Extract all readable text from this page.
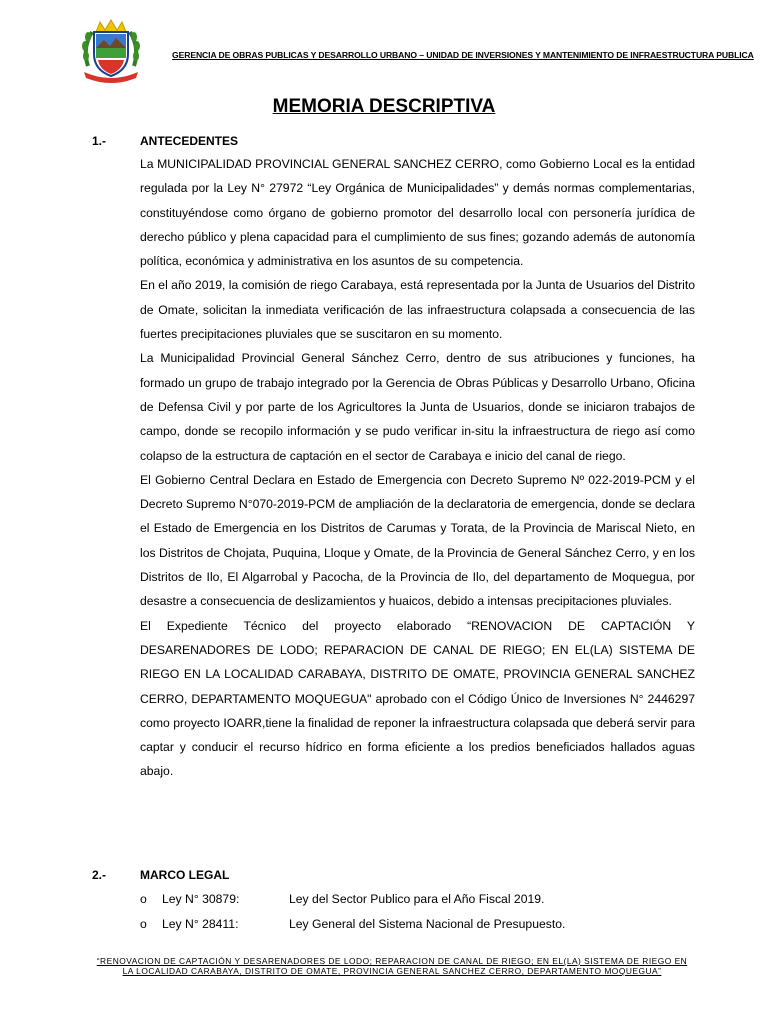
GERENCIA DE OBRAS PUBLICAS Y DESARROLLO URBANO – UNIDAD DE INVERSIONES Y MANTENIMIENTO DE INFRAESTRUCTURA PUBLICA
MEMORIA DESCRIPTIVA
1.-	ANTECEDENTES

La MUNICIPALIDAD PROVINCIAL GENERAL SANCHEZ CERRO, como Gobierno Local es la entidad regulada por la Ley N° 27972 “Ley Orgánica de Municipalidades” y demás normas complementarias, constituyéndose como órgano de gobierno promotor del desarrollo local con personería jurídica de derecho público y plena capacidad para el cumplimiento de sus fines; gozando además de autonomía política, económica y administrativa en los asuntos de su competencia.

En el año 2019, la comisión de riego Carabaya, está representada por la Junta de Usuarios del Distrito de Omate, solicitan la inmediata verificación de las infraestructura colapsada a consecuencia de las fuertes precipitaciones pluviales que se suscitaron en su momento.

La Municipalidad Provincial General Sánchez Cerro, dentro de sus atribuciones y funciones, ha formado un grupo de trabajo integrado por la Gerencia de Obras Públicas y Desarrollo Urbano, Oficina de Defensa Civil y por parte de los Agricultores la Junta de Usuarios, donde se iniciaron trabajos de campo, donde se recopilo información y se pudo verificar in-situ la infraestructura de riego así como colapso de la estructura de captación en el sector de Carabaya e inicio del canal de riego.

El Gobierno Central Declara en Estado de Emergencia con Decreto Supremo Nº 022-2019-PCM y el Decreto Supremo N°070-2019-PCM de ampliación de la declaratoria de emergencia, donde se declara el Estado de Emergencia en los Distritos de Carumas y Torata, de la Provincia de Mariscal Nieto, en los Distritos de Chojata, Puquina, Lloque y Omate, de la Provincia de General Sánchez Cerro, y en los Distritos de Ilo, El Algarrobal y Pacocha, de la Provincia de Ilo, del departamento de Moquegua, por desastre a consecuencia de deslizamientos y huaicos, debido a intensas precipitaciones pluviales.

El Expediente Técnico del proyecto elaborado “RENOVACION DE CAPTACIÓN Y DESARENADORES DE LODO; REPARACION DE CANAL DE RIEGO; EN EL(LA) SISTEMA DE RIEGO EN LA LOCALIDAD CARABAYA, DISTRITO DE OMATE, PROVINCIA GENERAL SANCHEZ CERRO, DEPARTAMENTO MOQUEGUA" aprobado con el Código Único de Inversiones N° 2446297 como proyecto IOARR,tiene la finalidad de reponer la infraestructura colapsada que deberá servir para captar y conducir el recurso hídrico en forma eficiente a los predios beneficiados hallados aguas abajo.

2.-	MARCO LEGAL
o Ley N° 30879:	Ley del Sector Publico para el Año Fiscal 2019.
o Ley N° 28411:	Ley General del Sistema Nacional de Presupuesto.
“RENOVACION DE CAPTACIÓN Y DESARENADORES DE LODO; REPARACION DE CANAL DE RIEGO; EN EL(LA) SISTEMA DE RIEGO EN
LA LOCALIDAD CARABAYA, DISTRITO DE OMATE, PROVINCIA GENERAL SANCHEZ CERRO, DEPARTAMENTO MOQUEGUA”
